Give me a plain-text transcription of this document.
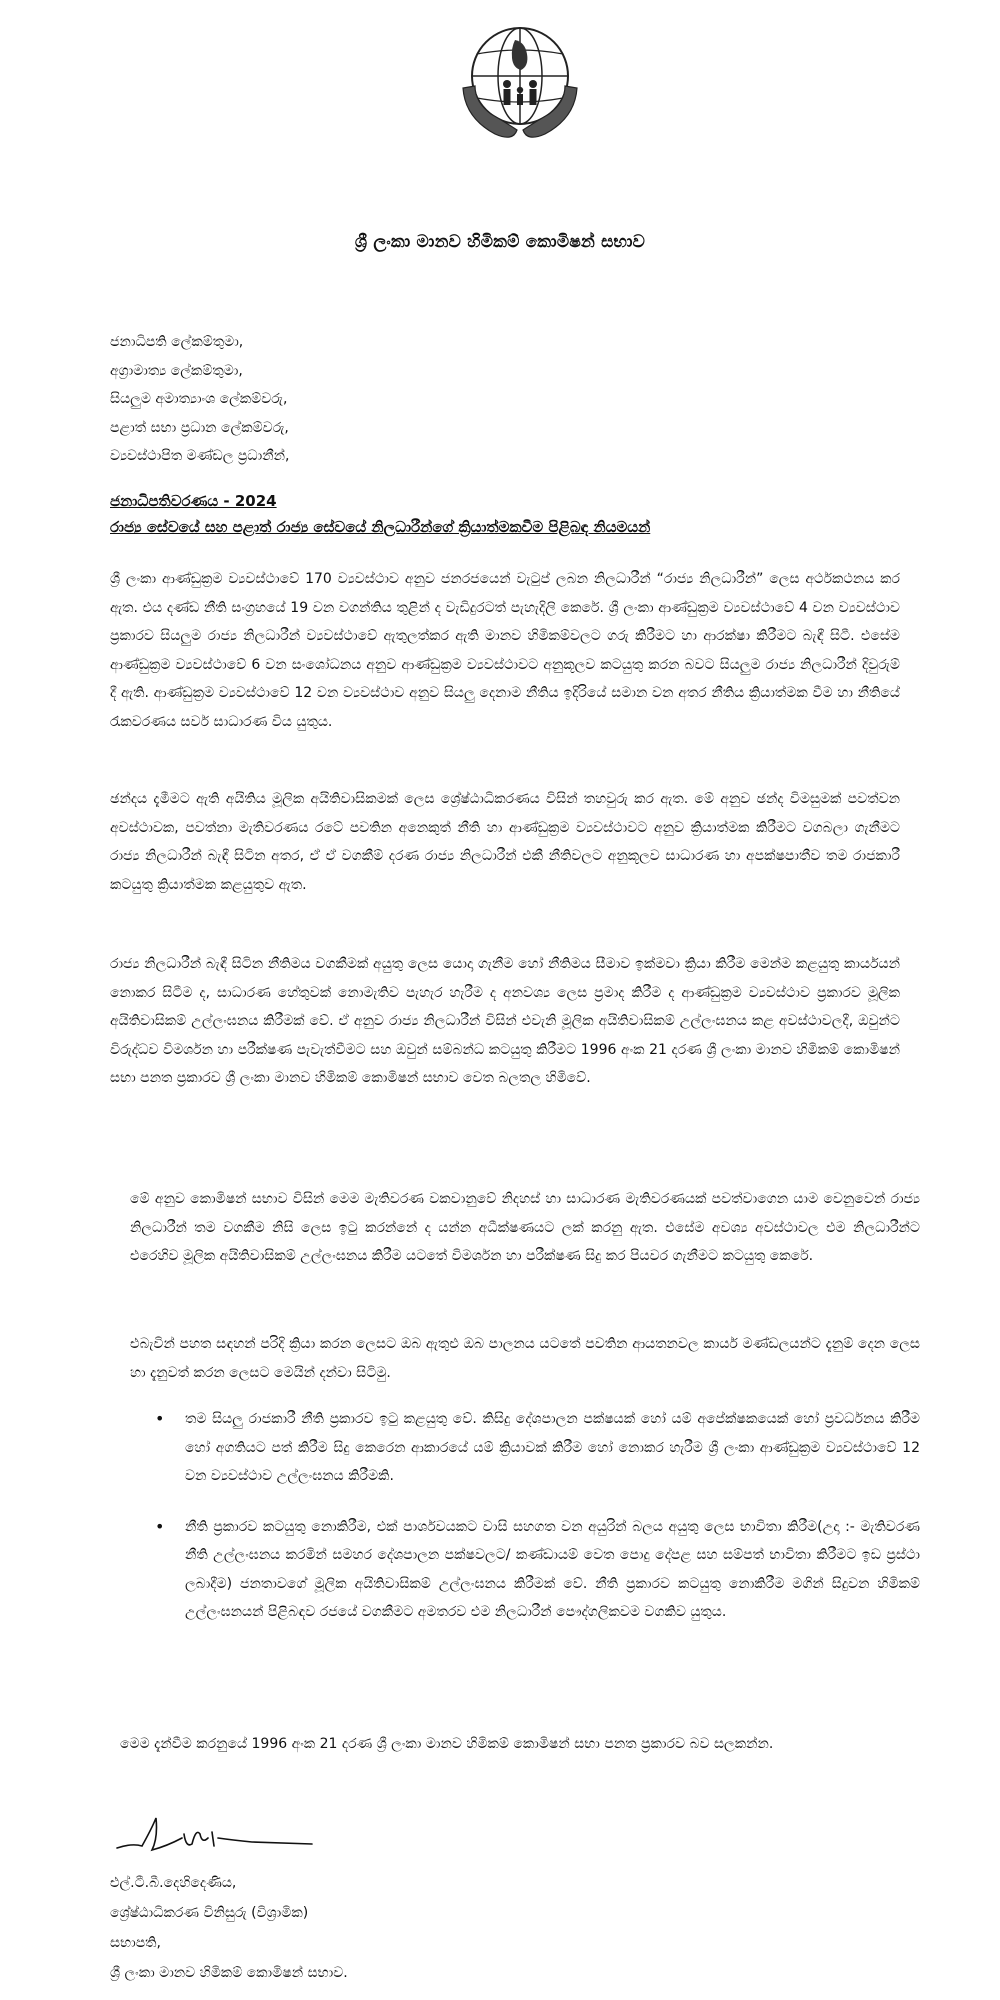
ශ්‍රී ලංකා මානව හිමිකම් කොමිෂන් සභාව
ජනාධිපති ලේකම්තුමා,
අග්‍රාමාත්‍ය ලේකම්තුමා,
සියලුම අමාත්‍යාංශ ලේකම්වරු,
පළාත් සභා ප්‍රධාන ලේකම්වරු,
ව්‍යවස්ථාපිත මණ්ඩල ප්‍රධානීන්,
ජනාධිපතිවරණය - 2024
රාජ්‍ය සේවයේ සහ පළාත් රාජ්‍ය සේවයේ නිලධාරීන්ගේ ක්‍රියාත්මකවීම පිළිබඳ නියමයන්

ශ්‍රී ලංකා ආණ්ඩුක්‍රම ව්‍යවස්ථාවේ 170 ව්‍යවස්ථාව අනුව ජනරජයෙන් වැටුප් ලබන නිලධාරීන් “රාජ්‍ය නිලධාරීන්” ලෙස අර්ථකථනය කර ඇත. එය දණ්ඩ නීති සංග්‍රහයේ 19 වන වගන්තිය තුළින් ද වැඩිදුරටත් පැහැදිලි කෙරේ. ශ්‍රී ලංකා ආණ්ඩුක්‍රම ව්‍යවස්ථාවේ 4 වන ව්‍යවස්ථාව ප්‍රකාරව සියලුම රාජ්‍ය නිලධාරීන් ව්‍යවස්ථාවේ ඇතුලත්කර ඇති මානව හිමිකම්වලට ගරු කිරීමට හා ආරක්ෂා කිරීමට බැඳී සිටී. එසේම ආණ්ඩුක්‍රම ව්‍යවස්ථාවේ 6 වන සංශෝධනය අනුව ආණ්ඩුක්‍රම ව්‍යවස්ථාවට අනුකූලව කටයුතු කරන බවට සියලුම රාජ්‍ය නිලධාරීන් දිවුරුම් දී ඇති. ආණ්ඩුක්‍රම ව්‍යවස්ථාවේ 12 වන ව්‍යවස්ථාව අනුව සියලු දෙනාම නීතිය ඉදිරියේ සමාන වන අතර නීතිය ක්‍රියාත්මක වීම හා නීතියේ රැකවරණය සර්ව සාධාරණ විය යුතුය.

ඡන්දය දැමීමට ඇති අයිතිය මූලික අයිතිවාසිකමක් ලෙස ශ්‍රේෂ්ඨාධිකරණය විසින් තහවුරු කර ඇත. මේ අනුව ඡන්ද විමසුමක් පවත්වන අවස්ථාවක, පවත්නා මැතිවරණය රටේ පවතින අනෙකුත් නීති හා ආණ්ඩුක්‍රම ව්‍යවස්ථාවට අනුව ක්‍රියාත්මක කිරීමට වගබලා ගැනීමට රාජ්‍ය නිලධාරීන් බැඳී සිටින අතර, ඒ ඒ වගකීම් දරණ රාජ්‍ය නිලධාරීන් එකී නීතිවලට අනුකූලව සාධාරණ හා අපක්ෂපාතීව තම රාජකාරී කටයුතු ක්‍රියාත්මක කළයුතුව ඇත.

රාජ්‍ය නිලධාරීන් බැඳී සිටින නීතිමය වගකීමක් අයුතු ලෙස යොදා ගැනීම හෝ නීතිමය සීමාව ඉක්මවා ක්‍රියා කිරීම මෙන්ම කළයුතු කාර්යයන් නොකර සිටීම ද, සාධාරණ හේතුවක් නොමැතිව පැහැර හැරීම ද අනවශ්‍ය ලෙස ප්‍රමාද කිරීම ද ආණ්ඩුක්‍රම ව්‍යවස්ථාව ප්‍රකාරව මූලික අයිතිවාසිකම් උල්ලංඝනය කිරීමක් වේ. ඒ අනුව රාජ්‍ය නිලධාරීන් විසින් එවැනි මූලික අයිතිවාසිකම් උල්ලංඝනය කළ අවස්ථාවලදී, ඔවුන්ට විරුද්ධව විමර්ශන හා පරීක්ෂණ පැවැත්වීමට සහ ඔවුන් සම්බන්ධ කටයුතු කිරීමට 1996 අංක 21 දරණ ශ්‍රී ලංකා මානව හිමිකම් කොමිෂන් සභා පනත ප්‍රකාරව ශ්‍රී ලංකා මානව හිමිකම් කොමිෂන් සභාව වෙත බලතල හිමිවේ.

මේ අනුව කොමිෂන් සභාව විසින් මෙම මැතිවරණ වකවානුවේ නිදහස් හා සාධාරණ මැතිවරණයක් පවත්වාගෙන යාම වෙනුවෙන් රාජ්‍ය නිලධාරීන් තම වගකීම නිසි ලෙස ඉටු කරන්නේ ද යන්න අධීක්ෂණයට ලක් කරනු ඇත. එසේම අවශ්‍ය අවස්ථාවල එම නිලධාරීන්ට එරෙහිව මූලික අයිතිවාසිකම් උල්ලංඝනය කිරීම යටතේ විමර්ශන හා පරීක්ෂණ සිදු කර පියවර ගැනීමට කටයුතු කෙරේ.

එබැවින් පහත සඳහන් පරිදි ක්‍රියා කරන ලෙසට ඔබ ඇතුළු ඔබ පාලනය යටතේ පවතින ආයතනවල කාර්ය මණ්ඩලයන්ට දැනුම් දෙන ලෙස හා දැනුවත් කරන ලෙසට මෙයින් දන්වා සිටිමු.

• තම සියලු රාජකාරී නීති ප්‍රකාරව ඉටු කළයුතු වේ. කිසිදු දේශපාලන පක්ෂයක් හෝ යම් අපේක්ෂකයෙක් හෝ ප්‍රවර්ධනය කිරීම හෝ අගතියට පත් කිරීම සිදු කෙරෙන ආකාරයේ යම් ක්‍රියාවක් කිරීම හෝ නොකර හැරීම ශ්‍රී ලංකා ආණ්ඩුක්‍රම ව්‍යවස්ථාවේ 12 වන ව්‍යවස්ථාව උල්ලංඝනය කිරීමකි.
• නීති ප්‍රකාරව කටයුතු නොකිරීම, එක් පාර්ශවයකට වාසි සහගත වන අයුරින් බලය අයුතු ලෙස භාවිතා කිරීම(උදා :- මැතිවරණ නීති උල්ලංඝනය කරමින් සමහර දේශපාලන පක්ෂවලට/ කණ්ඩායම් වෙත පොදු දේපළ සහ සම්පත් භාවිතා කිරීමට ඉඩ ප්‍රස්ථා ලබාදීම) ජනතාවගේ මූලික අයිතිවාසිකම් උල්ලංඝනය කිරීමක් වේ. නීති ප්‍රකාරව කටයුතු නොකිරීම මගින් සිදුවන හිමිකම් උල්ලංඝනයන් පිළිබඳව රජයේ වගකීමට අමතරව එම නිලධාරීන් පෞද්ගලිකවම වගකිව යුතුය.

මෙම දැන්වීම කරනුයේ 1996 අංක 21 දරණ ශ්‍රී ලංකා මානව හිමිකම් කොමිෂන් සභා පනත ප්‍රකාරව බව සලකන්න.

එල්.ටී.බී.දෙහිදෙණිය,
ශ්‍රේෂ්ඨාධිකරණ විනිසුරු (විශ්‍රාමික)
සභාපති,
ශ්‍රී ලංකා මානව හිමිකම් කොමිෂන් සභාව.
